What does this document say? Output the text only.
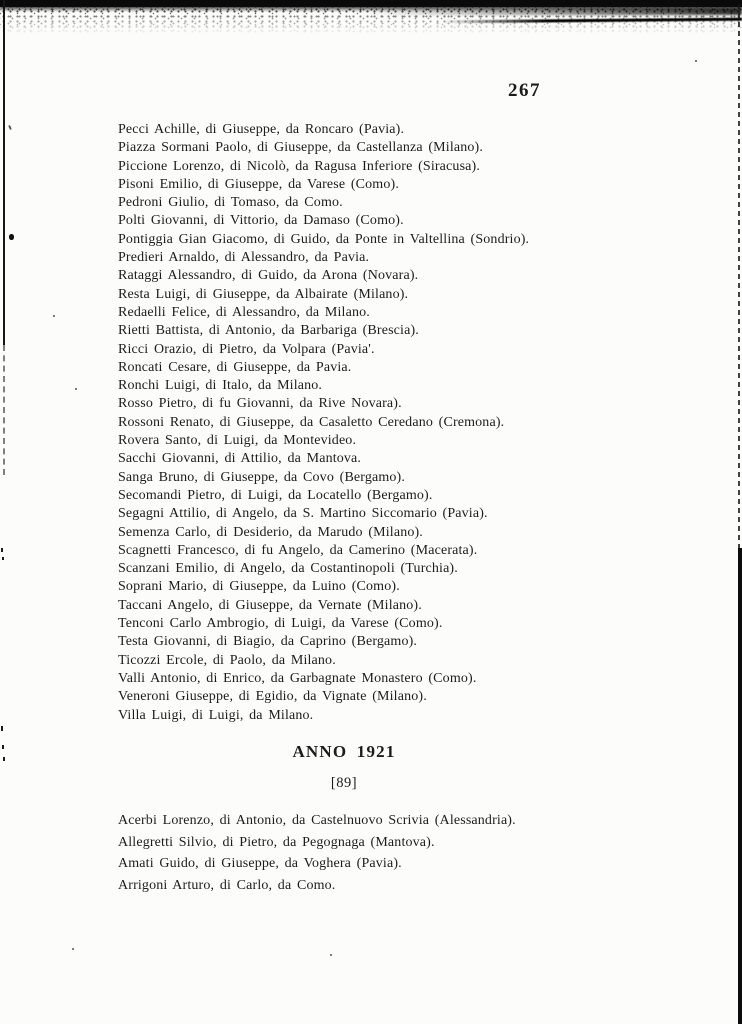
267
Pecci Achille, di Giuseppe, da Roncaro (Pavia).
Piazza Sormani Paolo, di Giuseppe, da Castellanza (Milano).
Piccione Lorenzo, di Nicolò, da Ragusa Inferiore (Siracusa).
Pisoni Emilio, di Giuseppe, da Varese (Como).
Pedroni Giulio, di Tomaso, da Como.
Polti Giovanni, di Vittorio, da Damaso (Como).
Pontiggia Gian Giacomo, di Guido, da Ponte in Valtellina (Sondrio).
Predieri Arnaldo, di Alessandro, da Pavia.
Rataggi Alessandro, di Guido, da Arona (Novara).
Resta Luigi, di Giuseppe, da Albairate (Milano).
Redaelli Felice, di Alessandro, da Milano.
Rietti Battista, di Antonio, da Barbariga (Brescia).
Ricci Orazio, di Pietro, da Volpara (Pavia'.
Roncati Cesare, di Giuseppe, da Pavia.
Ronchi Luigi, di Italo, da Milano.
Rosso Pietro, di fu Giovanni, da Rive Novara).
Rossoni Renato, di Giuseppe, da Casaletto Ceredano (Cremona).
Rovera Santo, di Luigi, da Montevideo.
Sacchi Giovanni, di Attilio, da Mantova.
Sanga Bruno, di Giuseppe, da Covo (Bergamo).
Secomandi Pietro, di Luigi, da Locatello (Bergamo).
Segagni Attilio, di Angelo, da S. Martino Siccomario (Pavia).
Semenza Carlo, di Desiderio, da Marudo (Milano).
Scagnetti Francesco, di fu Angelo, da Camerino (Macerata).
Scanzani Emilio, di Angelo, da Costantinopoli (Turchia).
Soprani Mario, di Giuseppe, da Luino (Como).
Taccani Angelo, di Giuseppe, da Vernate (Milano).
Tenconi Carlo Ambrogio, di Luigi, da Varese (Como).
Testa Giovanni, di Biagio, da Caprino (Bergamo).
Ticozzi Ercole, di Paolo, da Milano.
Valli Antonio, di Enrico, da Garbagnate Monastero (Como).
Veneroni Giuseppe, di Egidio, da Vignate (Milano).
Villa Luigi, di Luigi, da Milano.
ANNO 1921
[89]
Acerbi Lorenzo, di Antonio, da Castelnuovo Scrivia (Alessandria).
Allegretti Silvio, di Pietro, da Pegognaga (Mantova).
Amati Guido, di Giuseppe, da Voghera (Pavia).
Arrigoni Arturo, di Carlo, da Como.
